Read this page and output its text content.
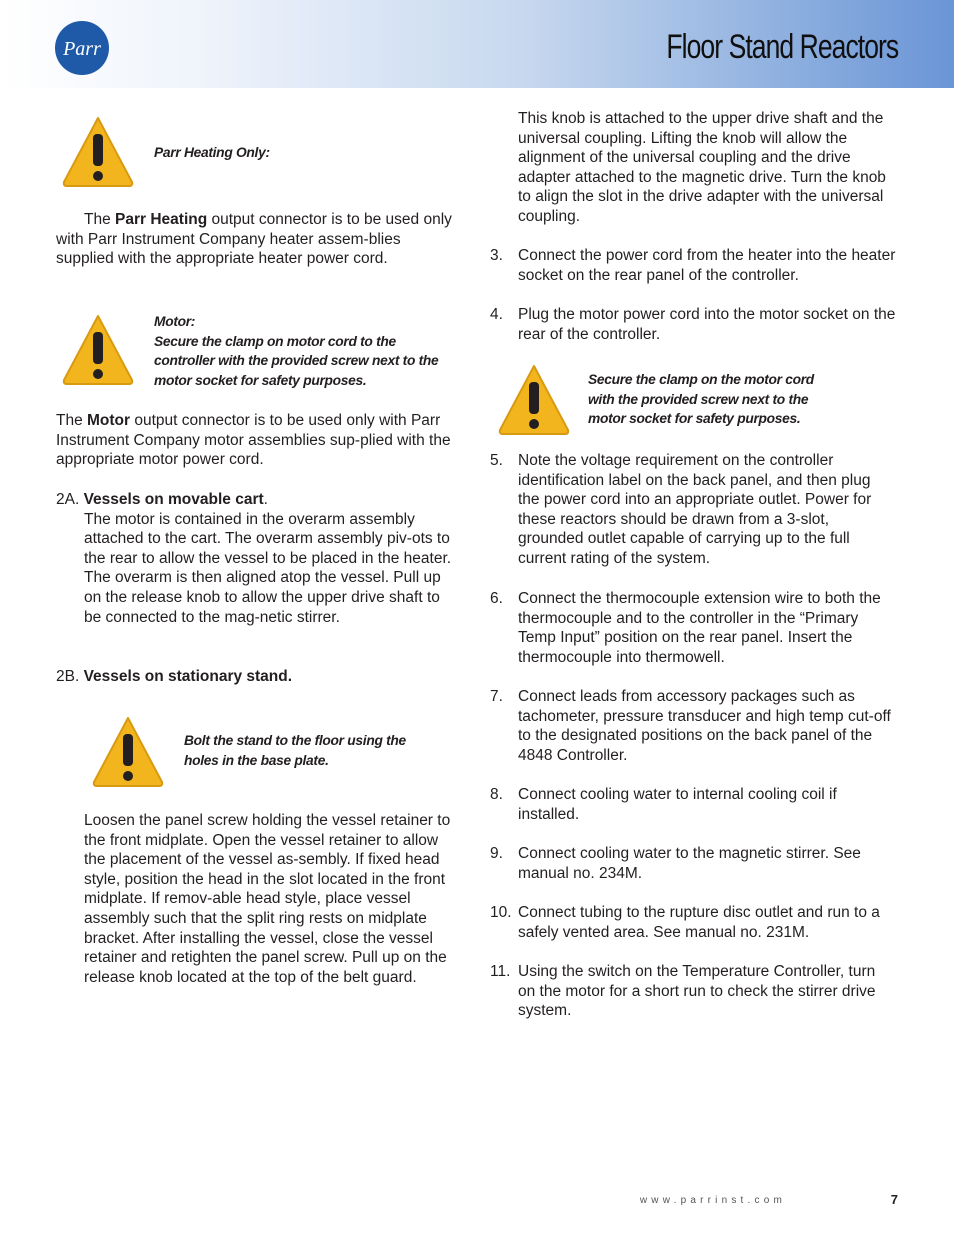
Parr	Floor Stand Reactors
Parr Heating Only:

The Parr Heating output connector is to be used only with Parr Instrument Company heater assem-blies supplied with the appropriate heater power cord.

Motor:
Secure the clamp on motor cord to the controller with the provided screw next to the motor socket for safety purposes.

The Motor output connector is to be used only with Parr Instrument Company motor assemblies sup-plied with the appropriate motor power cord.

2A. Vessels on movable cart.

The motor is contained in the overarm assembly attached to the cart. The overarm assembly piv-ots to the rear to allow the vessel to be placed in the heater. The overarm is then aligned atop the vessel. Pull up on the release knob to allow the upper drive shaft to be connected to the mag-netic stirrer.

2B. Vessels on stationary stand.
Bolt the stand to the floor using the holes in the base plate.
Loosen the panel screw holding the vessel retainer to the front midplate. Open the vessel retainer to allow the placement of the vessel as-sembly. If fixed head style, position the head in the slot located in the front midplate. If remov-able head style, place vessel assembly such that the split ring rests on midplate bracket. After installing the vessel, close the vessel retainer and retighten the panel screw. Pull up on the release knob located at the top of the belt guard.
This knob is attached to the upper drive shaft and the universal coupling. Lifting the knob will allow the alignment of the universal coupling and the drive adapter attached to the magnetic drive. Turn the knob to align the slot in the drive adapter with the universal coupling.
3. Connect the power cord from the heater into the heater socket on the rear panel of the controller.
4. Plug the motor power cord into the motor socket on the rear of the controller.
Secure the clamp on the motor cord with the provided screw next to the motor socket for safety purposes.
5. Note the voltage requirement on the controller identification label on the back panel, and then plug the power cord into an appropriate outlet. Power for these reactors should be drawn from a 3-slot, grounded outlet capable of carrying up to the full current rating of the system.
6. Connect the thermocouple extension wire to both the thermocouple and to the controller in the “Primary Temp Input” position on the rear panel. Insert the thermocouple into thermowell.
7. Connect leads from accessory packages such as tachometer, pressure transducer and high temp cut-off to the designated positions on the back panel of the 4848 Controller.
8. Connect cooling water to internal cooling coil if installed.
9. Connect cooling water to the magnetic stirrer. See manual no. 234M.
10. Connect tubing to the rupture disc outlet and run to a safely vented area. See manual no. 231M.
11. Using the switch on the Temperature Controller, turn on the motor for a short run to check the stirrer drive system.
www.parrinst.com	7
